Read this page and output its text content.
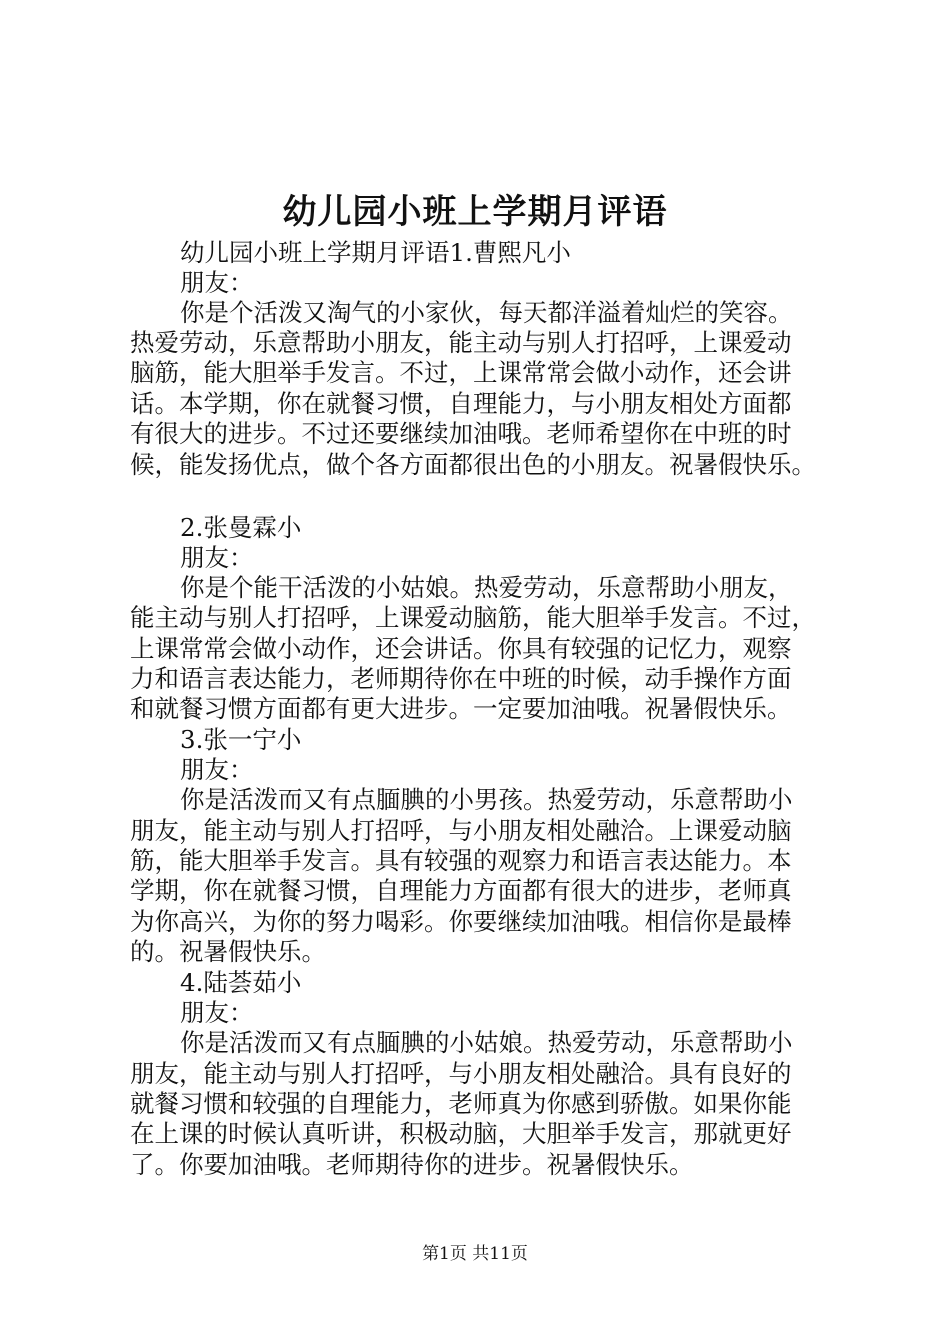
幼儿园小班上学期月评语
幼儿园小班上学期月评语1.曹熙凡小
朋友：
你是个活泼又淘气的小家伙，每天都洋溢着灿烂的笑容。
热爱劳动，乐意帮助小朋友，能主动与别人打招呼，上课爱动
脑筋，能大胆举手发言。不过，上课常常会做小动作，还会讲
话。本学期，你在就餐习惯，自理能力，与小朋友相处方面都
有很大的进步。不过还要继续加油哦。老师希望你在中班的时
候，能发扬优点，做个各方面都很出色的小朋友。祝暑假快乐。
2.张曼霖小
朋友：
你是个能干活泼的小姑娘。热爱劳动，乐意帮助小朋友，
能主动与别人打招呼，上课爱动脑筋，能大胆举手发言。不过，
上课常常会做小动作，还会讲话。你具有较强的记忆力，观察
力和语言表达能力，老师期待你在中班的时候，动手操作方面
和就餐习惯方面都有更大进步。一定要加油哦。祝暑假快乐。
3.张一宁小
朋友：
你是活泼而又有点腼腆的小男孩。热爱劳动，乐意帮助小
朋友，能主动与别人打招呼，与小朋友相处融洽。上课爱动脑
筋，能大胆举手发言。具有较强的观察力和语言表达能力。本
学期，你在就餐习惯，自理能力方面都有很大的进步，老师真
为你高兴，为你的努力喝彩。你要继续加油哦。相信你是最棒
的。祝暑假快乐。
4.陆荟茹小
朋友：
你是活泼而又有点腼腆的小姑娘。热爱劳动，乐意帮助小
朋友，能主动与别人打招呼，与小朋友相处融洽。具有良好的
就餐习惯和较强的自理能力，老师真为你感到骄傲。如果你能
在上课的时候认真听讲，积极动脑，大胆举手发言，那就更好
了。你要加油哦。老师期待你的进步。祝暑假快乐。
第1页 共11页
